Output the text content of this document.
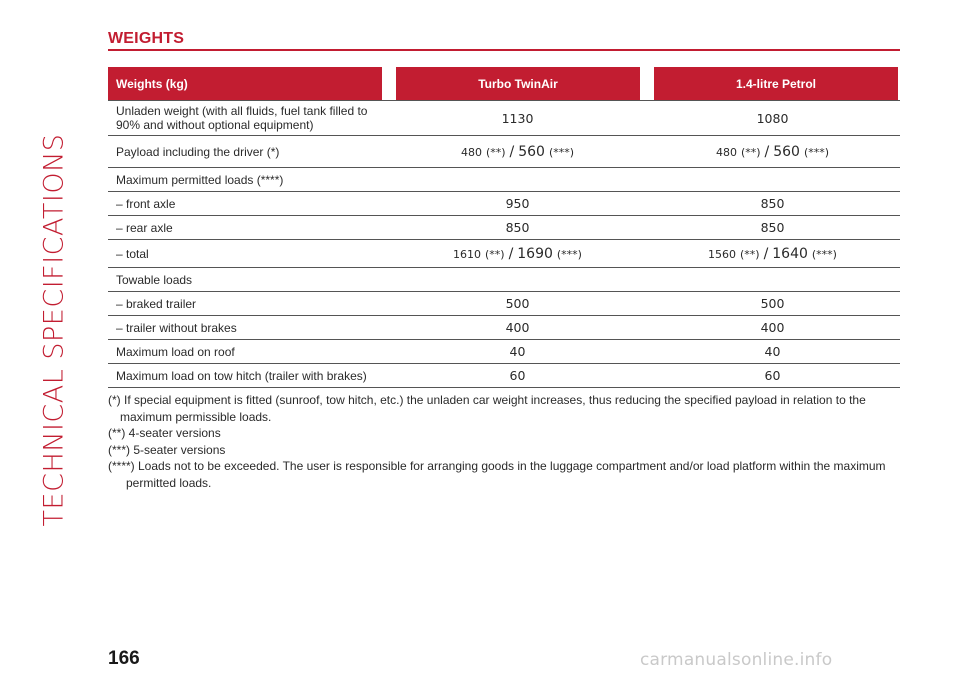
TECHNICAL SPECIFICATIONS
WEIGHTS
Weights (kg)	Turbo TwinAir	1.4-litre Petrol
Unladen weight (with all fluids, fuel tank filled to 90% and without optional equipment)	1130	1080
Payload including the driver (*)	480 (**) / 560 (***)	480 (**) / 560 (***)
Maximum permitted loads (****)
– front axle	950	850
– rear axle	850	850
– total	1610 (**) / 1690 (***)	1560 (**) / 1640 (***)
Towable loads
– braked trailer	500	500
– trailer without brakes	400	400
Maximum load on roof	40	40
Maximum load on tow hitch (trailer with brakes)	60	60
(*) If special equipment is fitted (sunroof, tow hitch, etc.) the unladen car weight increases, thus reducing the specified payload in relation to the maximum permissible loads.
(**) 4-seater versions
(***) 5-seater versions
(****) Loads not to be exceeded. The user is responsible for arranging goods in the luggage compartment and/or load platform within the maximum permitted loads.
166	carmanualsonline.info
